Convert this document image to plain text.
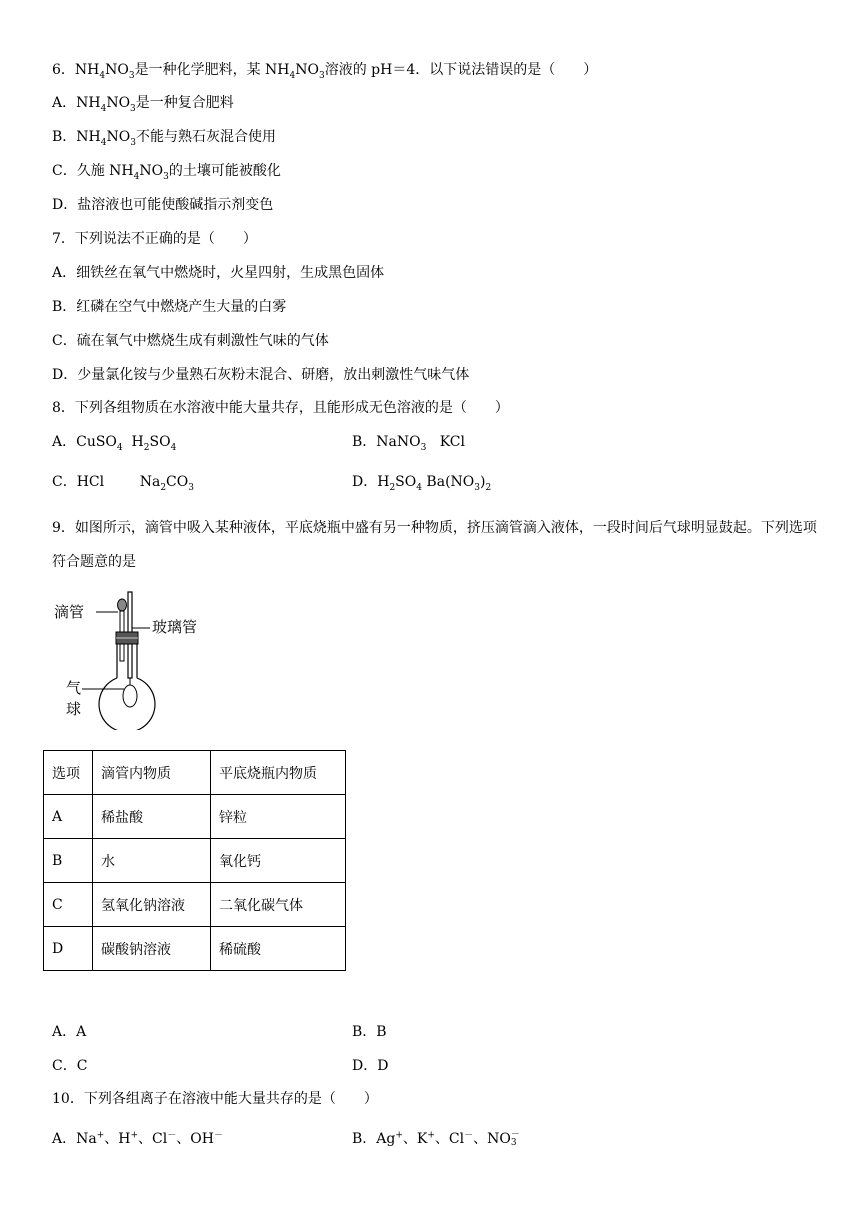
6．$NH_4NO_3$是一种化学肥料，某 $NH_4NO_3$溶液的 pH＝4．以下说法错误的是（　　）
A．$NH_4NO_3$是一种复合肥料
B．$NH_4NO_3$不能与熟石灰混合使用
C．久施 $NH_4NO_3$的土壤可能被酸化
D．盐溶液也可能使酸碱指示剂变色
7．下列说法不正确的是（　　）
A．细铁丝在氧气中燃烧时，火星四射，生成黑色固体
B．红磷在空气中燃烧产生大量的白雾
C．硫在氧气中燃烧生成有刺激性气味的气体
D．少量氯化铵与少量熟石灰粉末混合、研磨，放出刺激性气味气体
8．下列各组物质在水溶液中能大量共存，且能形成无色溶液的是（　　）
A．CuSO$_4$  $H_2SO_4$	B．NaNO$_3$   KCl
C．HCl        $Na_2CO_3$	D．$H_2SO_4$ $Ba(NO_3)_2$
9．如图所示，滴管中吸入某种液体，平底烧瓶中盛有另一种物质，挤压滴管滴入液体，一段时间后气球明显鼓起。下列选项符合题意的是
滴管
玻璃管
气
球
选项	滴管内物质	平底烧瓶内物质
A	稀盐酸	锌粒
B	水	氧化钙
C	氢氧化钠溶液	二氧化碳气体
D	碳酸钠溶液	稀硫酸
A．A	B．B
C．C	D．D
10．下列各组离子在溶液中能大量共存的是（　　）
A．Na+、H+、Cl－、OH－	B．Ag+、K+、Cl－、NO－
3
